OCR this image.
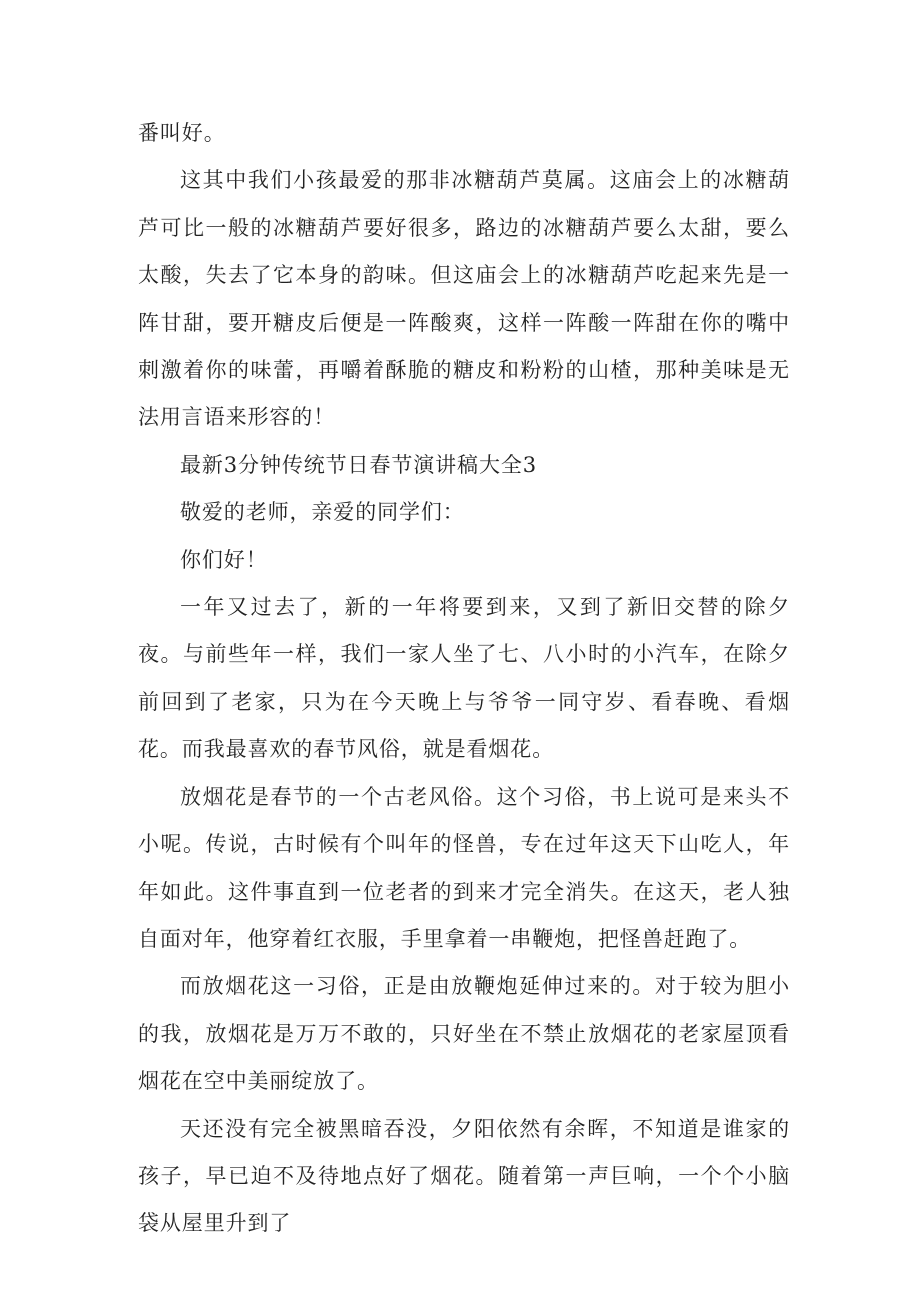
番叫好。

这其中我们小孩最爱的那非冰糖葫芦莫属。这庙会上的冰糖葫芦可比一般的冰糖葫芦要好很多，路边的冰糖葫芦要么太甜，要么太酸，失去了它本身的韵味。但这庙会上的冰糖葫芦吃起来先是一阵甘甜，要开糖皮后便是一阵酸爽，这样一阵酸一阵甜在你的嘴中刺激着你的味蕾，再嚼着酥脆的糖皮和粉粉的山楂，那种美味是无法用言语来形容的！

最新3分钟传统节日春节演讲稿大全3

敬爱的老师，亲爱的同学们：

你们好！

一年又过去了，新的一年将要到来，又到了新旧交替的除夕夜。与前些年一样，我们一家人坐了七、八小时的小汽车，在除夕前回到了老家，只为在今天晚上与爷爷一同守岁、看春晚、看烟花。而我最喜欢的春节风俗，就是看烟花。

放烟花是春节的一个古老风俗。这个习俗，书上说可是来头不小呢。传说，古时候有个叫年的怪兽，专在过年这天下山吃人，年年如此。这件事直到一位老者的到来才完全消失。在这天，老人独自面对年，他穿着红衣服，手里拿着一串鞭炮，把怪兽赶跑了。

而放烟花这一习俗，正是由放鞭炮延伸过来的。对于较为胆小的我，放烟花是万万不敢的，只好坐在不禁止放烟花的老家屋顶看烟花在空中美丽绽放了。

天还没有完全被黑暗吞没，夕阳依然有余晖，不知道是谁家的孩子，早已迫不及待地点好了烟花。随着第一声巨响，一个个小脑袋从屋里升到了
